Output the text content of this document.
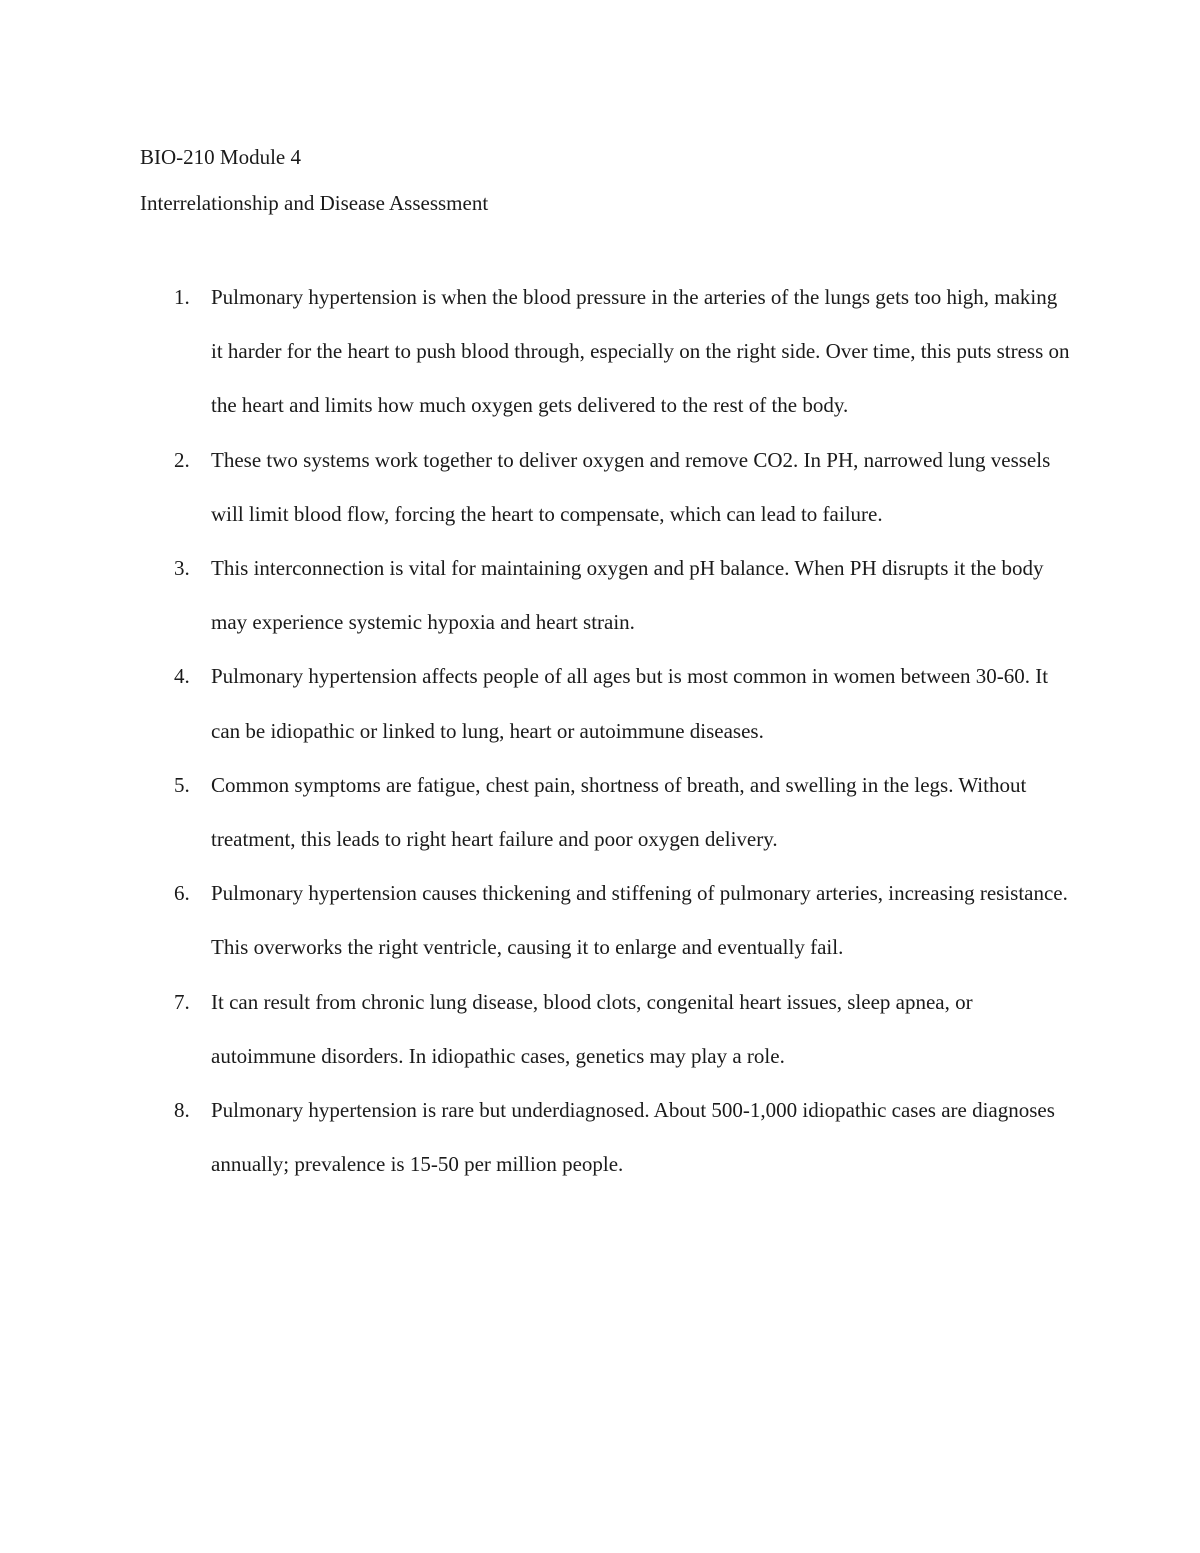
BIO-210 Module 4
Interrelationship and Disease Assessment
1.	Pulmonary hypertension is when the blood pressure in the arteries of the lungs gets too high, making it harder for the heart to push blood through, especially on the right side. Over time, this puts stress on the heart and limits how much oxygen gets delivered to the rest of the body.
2.	These two systems work together to deliver oxygen and remove CO2. In PH, narrowed lung vessels will limit blood flow, forcing the heart to compensate, which can lead to failure.
3.	This interconnection is vital for maintaining oxygen and pH balance. When PH disrupts it the body may experience systemic hypoxia and heart strain.
4.	Pulmonary hypertension affects people of all ages but is most common in women between 30-60. It can be idiopathic or linked to lung, heart or autoimmune diseases.
5.	Common symptoms are fatigue, chest pain, shortness of breath, and swelling in the legs. Without treatment, this leads to right heart failure and poor oxygen delivery.
6.	Pulmonary hypertension causes thickening and stiffening of pulmonary arteries, increasing resistance. This overworks the right ventricle, causing it to enlarge and eventually fail.
7.	It can result from chronic lung disease, blood clots, congenital heart issues, sleep apnea, or autoimmune disorders. In idiopathic cases, genetics may play a role.
8.	Pulmonary hypertension is rare but underdiagnosed. About 500-1,000 idiopathic cases are diagnoses annually; prevalence is 15-50 per million people.
